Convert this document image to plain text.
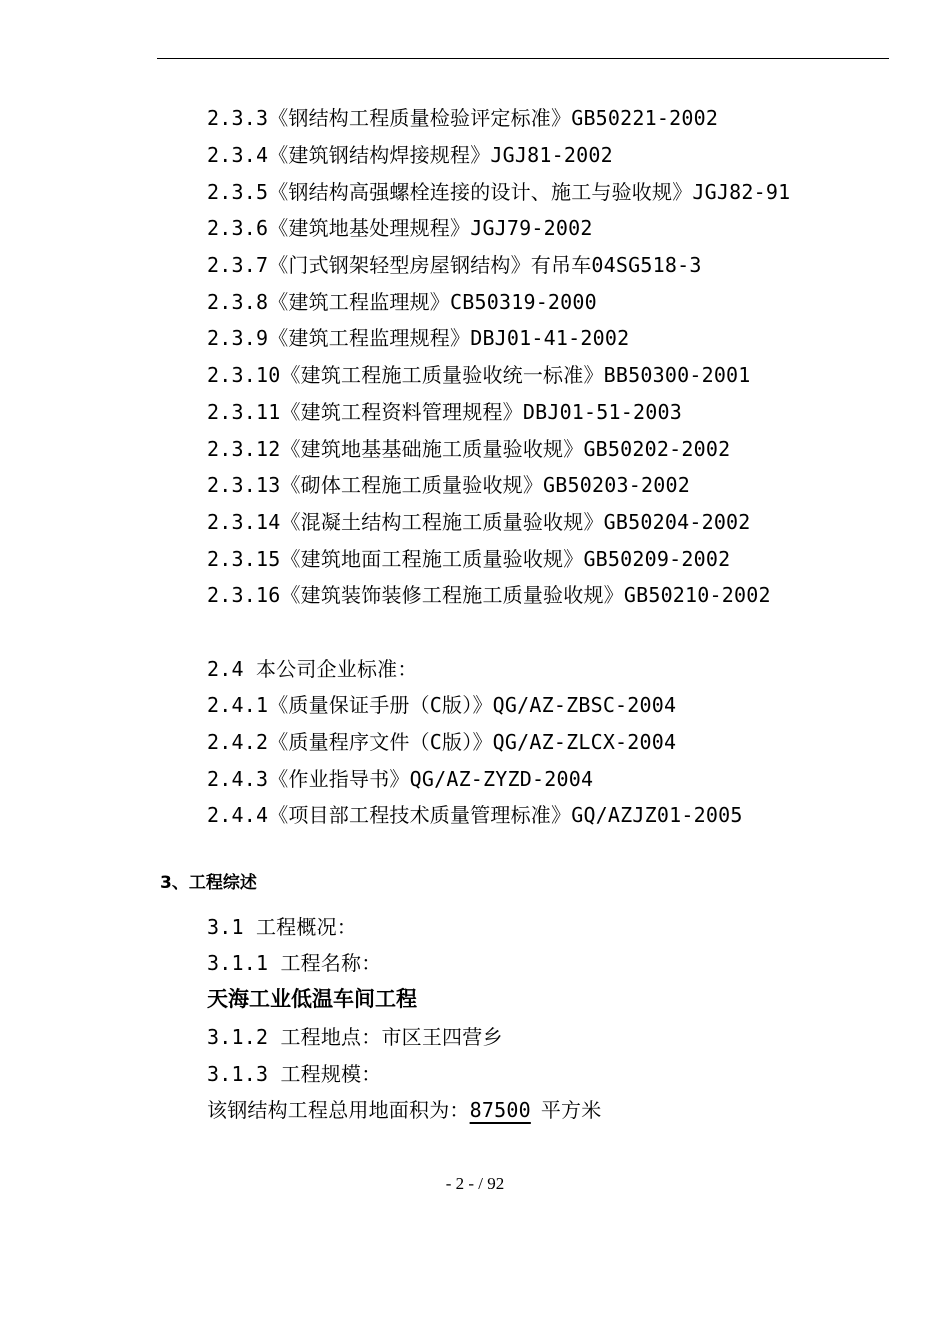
2.3.3《钢结构工程质量检验评定标准》GB50221-2002
2.3.4《建筑钢结构焊接规程》JGJ81-2002
2.3.5《钢结构高强螺栓连接的设计、施工与验收规》JGJ82-91
2.3.6《建筑地基处理规程》JGJ79-2002
2.3.7《门式钢架轻型房屋钢结构》有吊车04SG518-3
2.3.8《建筑工程监理规》CB50319-2000
2.3.9《建筑工程监理规程》DBJ01-41-2002
2.3.10《建筑工程施工质量验收统一标准》BB50300-2001
2.3.11《建筑工程资料管理规程》DBJ01-51-2003
2.3.12《建筑地基基础施工质量验收规》GB50202-2002
2.3.13《砌体工程施工质量验收规》GB50203-2002
2.3.14《混凝土结构工程施工质量验收规》GB50204-2002
2.3.15《建筑地面工程施工质量验收规》GB50209-2002
2.3.16《建筑装饰装修工程施工质量验收规》GB50210-2002
2.4 本公司企业标准：
2.4.1《质量保证手册（C版）》QG/AZ-ZBSC-2004
2.4.2《质量程序文件（C版）》QG/AZ-ZLCX-2004
2.4.3《作业指导书》QG/AZ-ZYZD-2004
2.4.4《项目部工程技术质量管理标准》GQ/AZJZ01-2005
3、工程综述
3.1 工程概况：
3.1.1 工程名称：
天海工业低温车间工程
3.1.2 工程地点：市区王四营乡
3.1.3 工程规模：
该钢结构工程总用地面积为：87500 平方米
- 2 - / 92
